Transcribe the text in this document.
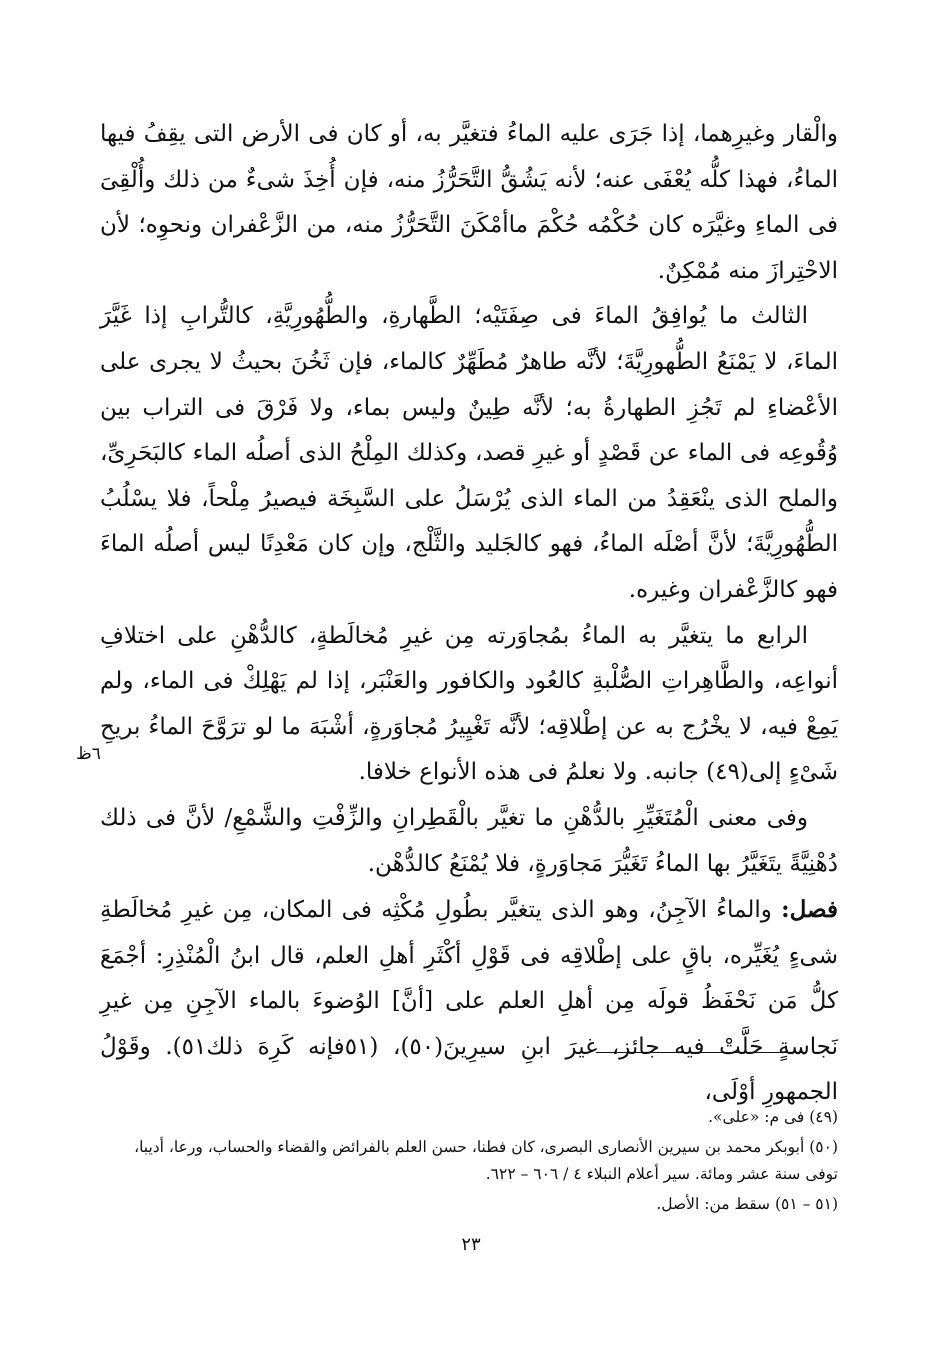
والْقار وغيرِهما، إذا جَرَى عليه الماءُ فتغيَّر به، أو كان فى الأرض التى يقِفُ فيها الماءُ، فهذا كلُّه يُعْفَى عنه؛ لأنه يَشُقُّ التَّحَرُّزُ منه، فإن أُخِذَ شىءٌ من ذلك وأُلْقِىَ فى الماءِ وغيَّرَه كان حُكْمُه حُكْمَ ماأمْكَنَ التَّحَرُّزُ منه، من الزَّعْفران ونحوِه؛ لأن الاحْتِرازَ منه مُمْكِنٌ.

الثالث ما يُوافِقُ الماءَ فى صِفَتَيْه؛ الطَّهارةِ، والطُّهُورِيَّةِ، كالتُّرابِ إذا غَيَّرَ الماءَ، لا يَمْنَعُ الطُّهورِيَّةَ؛ لأنَّه طاهرٌ مُطَهِّرٌ كالماء، فإن ثَخُنَ بحيثُ لا يجرى على الأعْضاءِ لم تَجُزِ الطهارةُ به؛ لأنَّه طِينٌ وليس بماء، ولا فَرْقَ فى التراب بين وُقُوعِه فى الماء عن قَصْدٍ أو غيرِ قصد، وكذلك المِلْحُ الذى أصلُه الماء كالبَحَرِىِّ، والملح الذى ينْعَقِدُ من الماء الذى يُرْسَلُ على السَّبِخَة فيصيرُ مِلْحاً، فلا يسْلُبُ الطُّهُورِيَّةَ؛ لأنَّ أصْلَه الماءُ، فهو كالجَليد والثَّلْج، وإن كان مَعْدِنًا ليس أصلُه الماءَ فهو كالزَّعْفران وغيره.

الرابع ما يتغيَّر به الماءُ بمُجاوَرته مِن غيرِ مُخالَطةٍ، كالدُّهْنِ على اختلافِ أنواعِه، والطَّاهِراتِ الصُّلْبةِ كالعُود والكافور والعَنْبَر، إذا لم يَهْلِكْ فى الماء، ولم يَمِعْ فيه، لا يخْرُج به عن إطْلاقِه؛ لأنَّه تَغْيِيرُ مُجاوَرةٍ، أشْبَهَ ما لو ترَوَّحَ الماءُ بريحِ شَىْءٍ إلى(٤٩) جانبه. ولا نعلمُ فى هذه الأنواع خلافا.

وفى معنى الْمُتَغَيِّرِ بالدُّهْنِ ما تغيَّر بالْقَطِرانِ والزِّفْتِ والشَّمْعِ/ لأنَّ فى ذلك دُهْنِيَّةً يتَغَيَّرُ بها الماءُ تَغَيُّرَ مَجاوَرةٍ، فلا يُمْنَعُ كالدُّهْن.

فصل: والماءُ الآجِنُ، وهو الذى يتغيَّر بطُولِ مُكْثِه فى المكان، مِن غيرِ مُخالَطةِ شىءٍ يُغَيِّره، باقٍ على إطْلاقِه فى قَوْلِ أكْثَرِ أهلِ العلم، قال ابنُ الْمُنْذِرِ: أجْمَعَ كلُّ مَن نَحْفَظُ قولَه مِن أهلِ العلم على [أنَّ] الوُضوءَ بالماء الآجِنِ مِن غيرِ نَجاسةٍ حَلَّتْ فيه جائز، غيرَ ابنِ سيرِينَ(٥٠)، (٥١فإنه كَرِهَ ذلك٥١). وقَوْلُ الجمهورِ أوْلَى،

٦ظ

(٤٩) فى م: «على».

(٥٠) أبوبكر محمد بن سيرين الأنصارى البصرى، كان فطنا، حسن العلم بالفرائض والقضاء والحساب، ورعا، أديبا، توفى سنة عشر ومائة. سير أعلام النبلاء ٤ / ٦٠٦ – ٦٢٢.

(٥١ – ٥١) سقط من: الأصل.

٢٣
